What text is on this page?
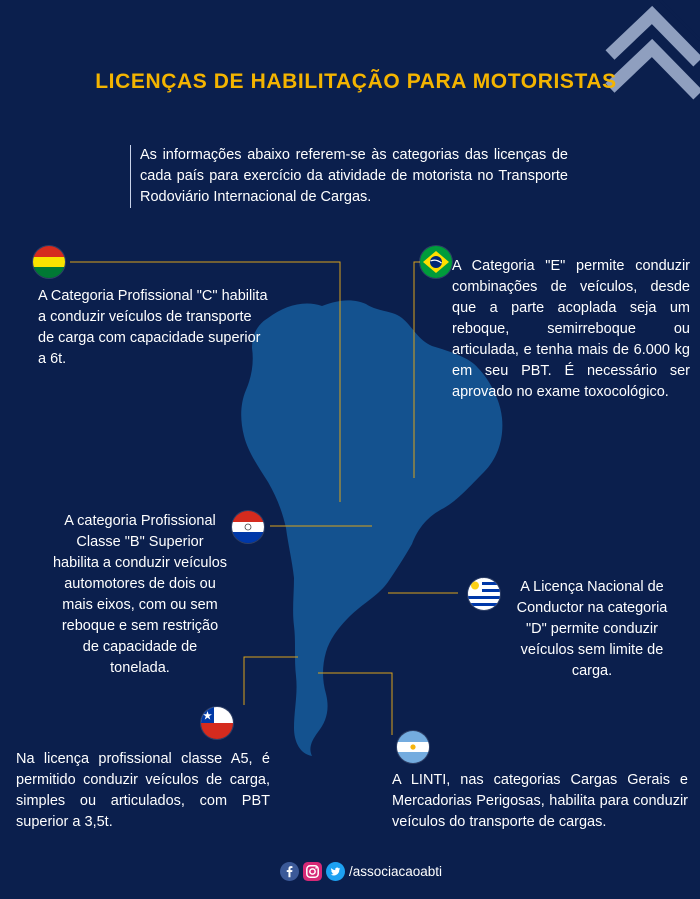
LICENÇAS DE HABILITAÇÃO PARA MOTORISTAS
As informações abaixo referem-se às categorias das licenças de cada país para exercício da atividade de motorista no Transporte Rodoviário Internacional de Cargas.
A Categoria Profissional "C" habilita a conduzir veículos de transporte de carga com capacidade superior a 6t.
A Categoria "E" permite conduzir combinações de veículos, desde que a parte acoplada seja um reboque, semirreboque ou articulada, e tenha mais de 6.000 kg em seu PBT. É necessário ser aprovado no exame toxocológico.
A categoria Profissional Classe "B" Superior habilita a conduzir veículos automotores de dois ou mais eixos, com ou sem reboque e sem restrição de capacidade de tonelada.
A Licença Nacional de Conductor na categoria "D" permite conduzir veículos sem limite de carga.
Na licença profissional classe A5, é permitido conduzir veículos de carga, simples ou articulados, com PBT superior a 3,5t.
A LINTI, nas categorias Cargas Gerais e Mercadorias Perigosas, habilita para conduzir veículos do transporte de cargas.
/associacaoabti
